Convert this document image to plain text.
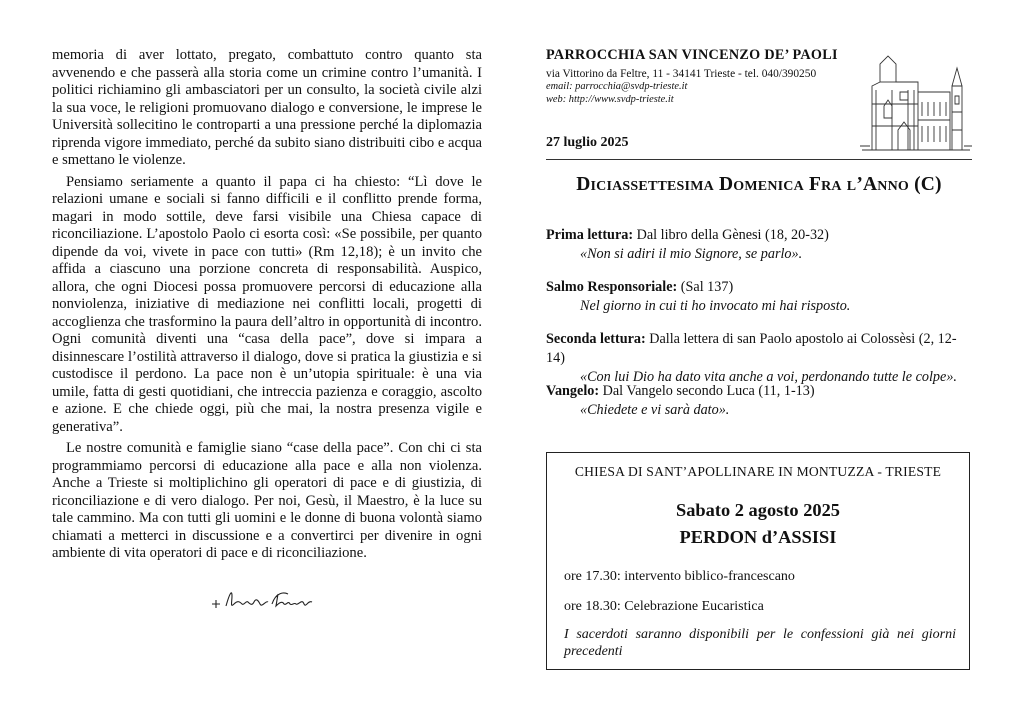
memoria di aver lottato, pregato, combattuto contro quanto sta avvenendo e che passerà alla storia come un crimine contro l’umanità. I politici richiamino gli ambasciatori per un consulto, la società civile alzi la sua voce, le religioni promuovano dialogo e conversione, le imprese le Università sollecitino le controparti a una pressione perché la diplomazia riprenda vigore immediato, perché da subito siano distribuiti cibo e acqua e smettano le violenze.

Pensiamo seriamente a quanto il papa ci ha chiesto: “Lì dove le relazioni umane e sociali si fanno difficili e il conflitto prende forma, magari in modo sottile, deve farsi visibile una Chiesa capace di riconciliazione. L’apostolo Paolo ci esorta così: «Se possibile, per quanto dipende da voi, vivete in pace con tutti» (Rm 12,18); è un invito che affida a ciascuno una porzione concreta di responsabilità. Auspico, allora, che ogni Diocesi possa promuovere percorsi di educazione alla nonviolenza, iniziative di mediazione nei conflitti locali, progetti di accoglienza che trasformino la paura dell’altro in opportunità di incontro. Ogni comunità diventi una “casa della pace”, dove si impara a disinnescare l’ostilità attraverso il dialogo, dove si pratica la giustizia e si custodisce il perdono. La pace non è un’utopia spirituale: è una via umile, fatta di gesti quotidiani, che intreccia pazienza e coraggio, ascolto e azione. E che chiede oggi, più che mai, la nostra presenza vigile e generativa”.

Le nostre comunità e famiglie siano “case della pace”. Con chi ci sta programmiamo percorsi di educazione alla pace e alla non violenza. Anche a Trieste si moltiplichino gli operatori di pace e di giustizia, di riconciliazione e di vero dialogo. Per noi, Gesù, il Maestro, è la luce su tale cammino. Ma con tutti gli uomini e le donne di buona volontà siamo chiamati a metterci in discussione e a convertirci per divenire in ogni ambiente di vita operatori di pace e di riconciliazione.

PARROCCHIA SAN VINCENZO DE’ PAOLI
via Vittorino da Feltre, 11 - 34141 Trieste - tel. 040/390250
email: parrocchia@svdp-trieste.it
web: http://www.svdp-trieste.it
27 luglio 2025
Diciassettesima Domenica Fra l’Anno (C)
Prima lettura: Dal libro della Gènesi (18, 20-32)
«Non si adiri il mio Signore, se parlo».
Salmo Responsoriale: (Sal 137)
Nel giorno in cui ti ho invocato mi hai risposto.
Seconda lettura: Dalla lettera di san Paolo apostolo ai Colossèsi (2, 12-14)
«Con lui Dio ha dato vita anche a voi, perdonando tutte le colpe».
Vangelo: Dal Vangelo secondo Luca (11, 1-13)
«Chiedete e vi sarà dato».
CHIESA DI SANT’APOLLINARE IN MONTUZZA - TRIESTE
Sabato 2 agosto 2025
PERDON d’ASSISI
ore 17.30: intervento biblico-francescano
ore 18.30: Celebrazione Eucaristica
I sacerdoti saranno disponibili per le confessioni già nei giorni precedenti
